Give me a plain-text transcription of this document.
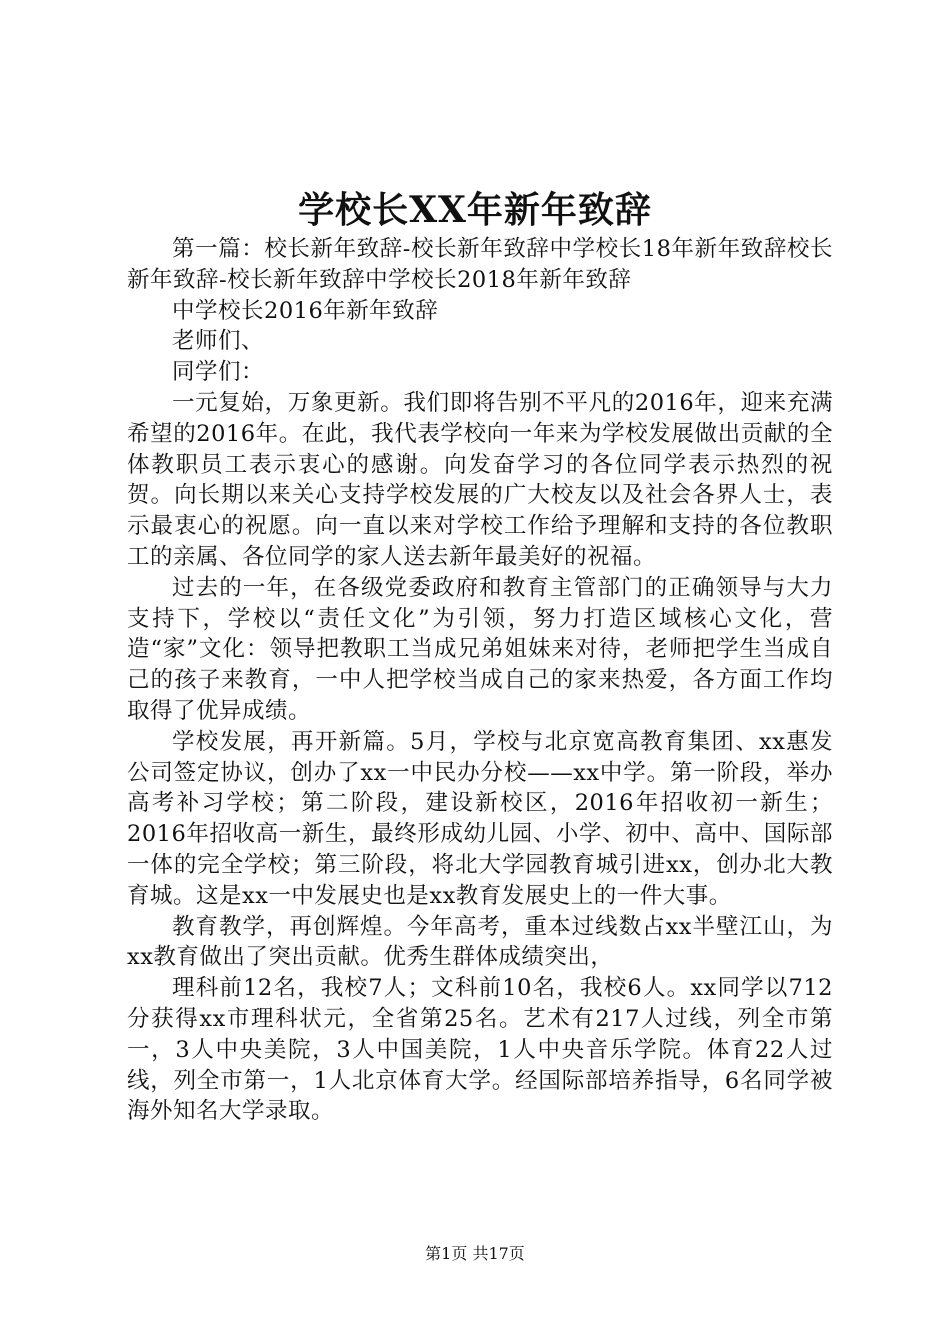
学校长XX年新年致辞

第一篇：校长新年致辞-校长新年致辞中学校长18年新年致辞校长新年致辞-校长新年致辞中学校长2018年新年致辞

中学校长2016年新年致辞

老师们、

同学们：

一元复始，万象更新。我们即将告别不平凡的2016年，迎来充满希望的2016年。在此，我代表学校向一年来为学校发展做出贡献的全体教职员工表示衷心的感谢。向发奋学习的各位同学表示热烈的祝贺。向长期以来关心支持学校发展的广大校友以及社会各界人士，表示最衷心的祝愿。向一直以来对学校工作给予理解和支持的各位教职工的亲属、各位同学的家人送去新年最美好的祝福。

过去的一年，在各级党委政府和教育主管部门的正确领导与大力支持下，学校以“责任文化”为引领，努力打造区域核心文化，营造“家”文化：领导把教职工当成兄弟姐妹来对待，老师把学生当成自己的孩子来教育，一中人把学校当成自己的家来热爱，各方面工作均取得了优异成绩。

学校发展，再开新篇。5月，学校与北京宽高教育集团、xx惠发公司签定协议，创办了xx一中民办分校——xx中学。第一阶段，举办高考补习学校；第二阶段，建设新校区，2016年招收初一新生；2016年招收高一新生，最终形成幼儿园、小学、初中、高中、国际部一体的完全学校；第三阶段，将北大学园教育城引进xx，创办北大教育城。这是xx一中发展史也是xx教育发展史上的一件大事。

教育教学，再创辉煌。今年高考，重本过线数占xx半壁江山，为xx教育做出了突出贡献。优秀生群体成绩突出，

理科前12名，我校7人；文科前10名，我校6人。xx同学以712分获得xx市理科状元，全省第25名。艺术有217人过线，列全市第一，3人中央美院，3人中国美院，1人中央音乐学院。体育22人过线，列全市第一，1人北京体育大学。经国际部培养指导，6名同学被海外知名大学录取。

第1页 共17页
